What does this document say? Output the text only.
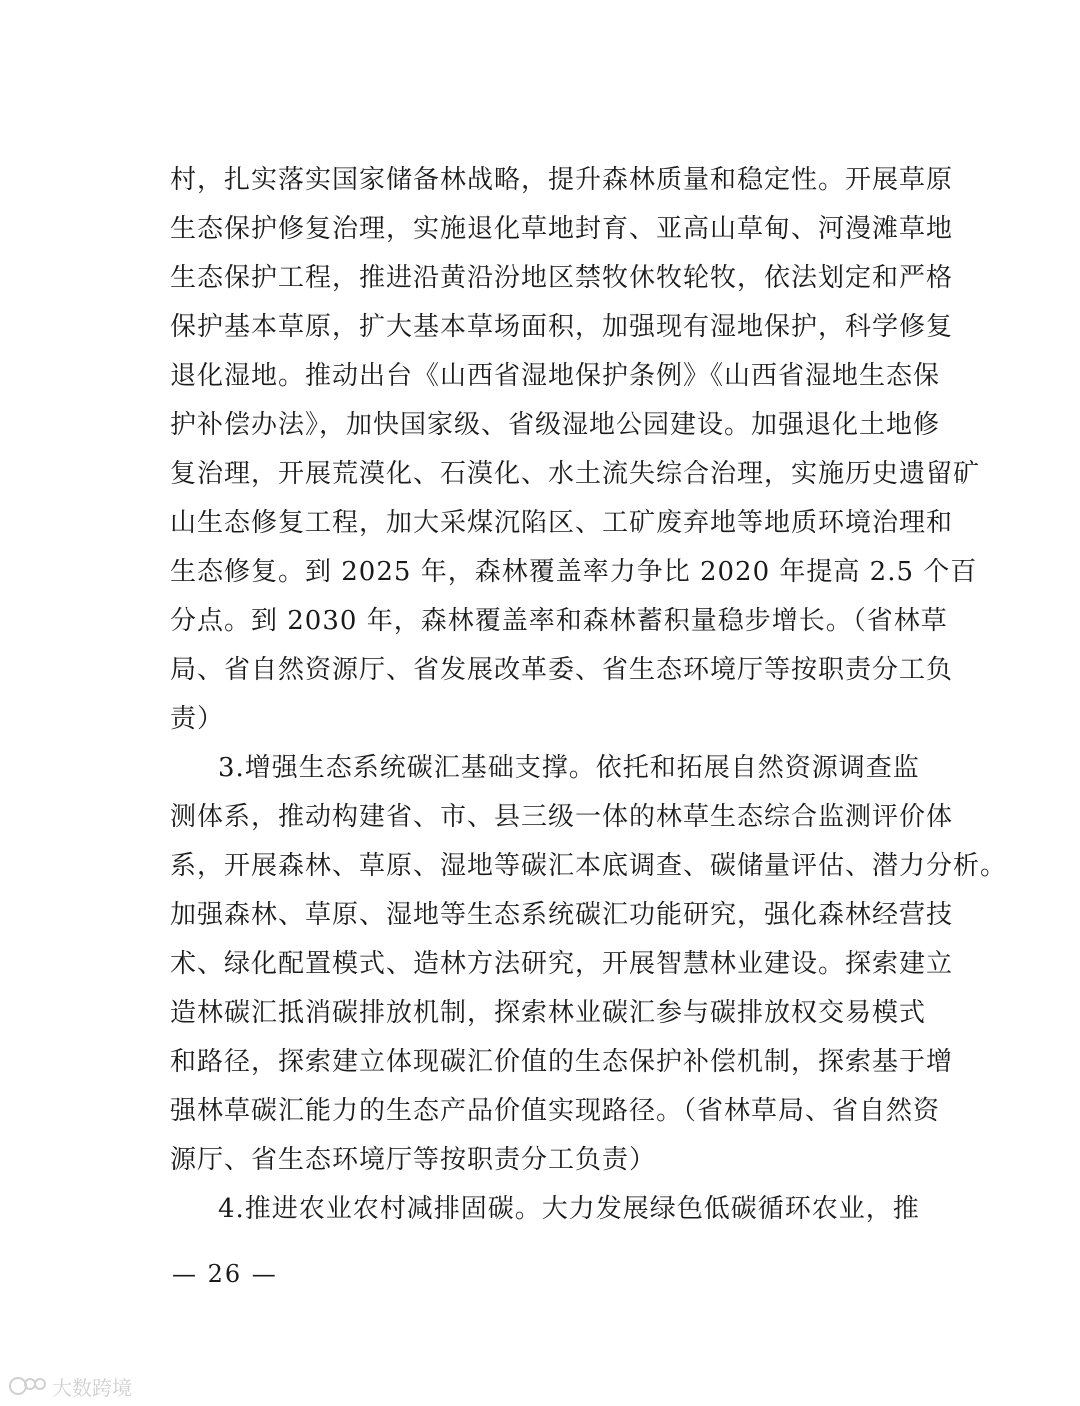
村，扎实落实国家储备林战略，提升森林质量和稳定性。开展草原
生态保护修复治理，实施退化草地封育、亚高山草甸、河漫滩草地
生态保护工程，推进沿黄沿汾地区禁牧休牧轮牧，依法划定和严格
保护基本草原，扩大基本草场面积，加强现有湿地保护，科学修复
退化湿地。推动出台《山西省湿地保护条例》《山西省湿地生态保
护补偿办法》，加快国家级、省级湿地公园建设。加强退化土地修
复治理，开展荒漠化、石漠化、水土流失综合治理，实施历史遗留矿
山生态修复工程，加大采煤沉陷区、工矿废弃地等地质环境治理和
生态修复。到 2025 年，森林覆盖率力争比 2020 年提高 2.5 个百
分点。到 2030 年，森林覆盖率和森林蓄积量稳步增长。（省林草
局、省自然资源厅、省发展改革委、省生态环境厅等按职责分工负
责）
3.增强生态系统碳汇基础支撑。依托和拓展自然资源调查监
测体系，推动构建省、市、县三级一体的林草生态综合监测评价体
系，开展森林、草原、湿地等碳汇本底调查、碳储量评估、潜力分析。
加强森林、草原、湿地等生态系统碳汇功能研究，强化森林经营技
术、绿化配置模式、造林方法研究，开展智慧林业建设。探索建立
造林碳汇抵消碳排放机制，探索林业碳汇参与碳排放权交易模式
和路径，探索建立体现碳汇价值的生态保护补偿机制，探索基于增
强林草碳汇能力的生态产品价值实现路径。（省林草局、省自然资
源厅、省生态环境厅等按职责分工负责）
4.推进农业农村减排固碳。大力发展绿色低碳循环农业，推
— 26 —
大数跨境
